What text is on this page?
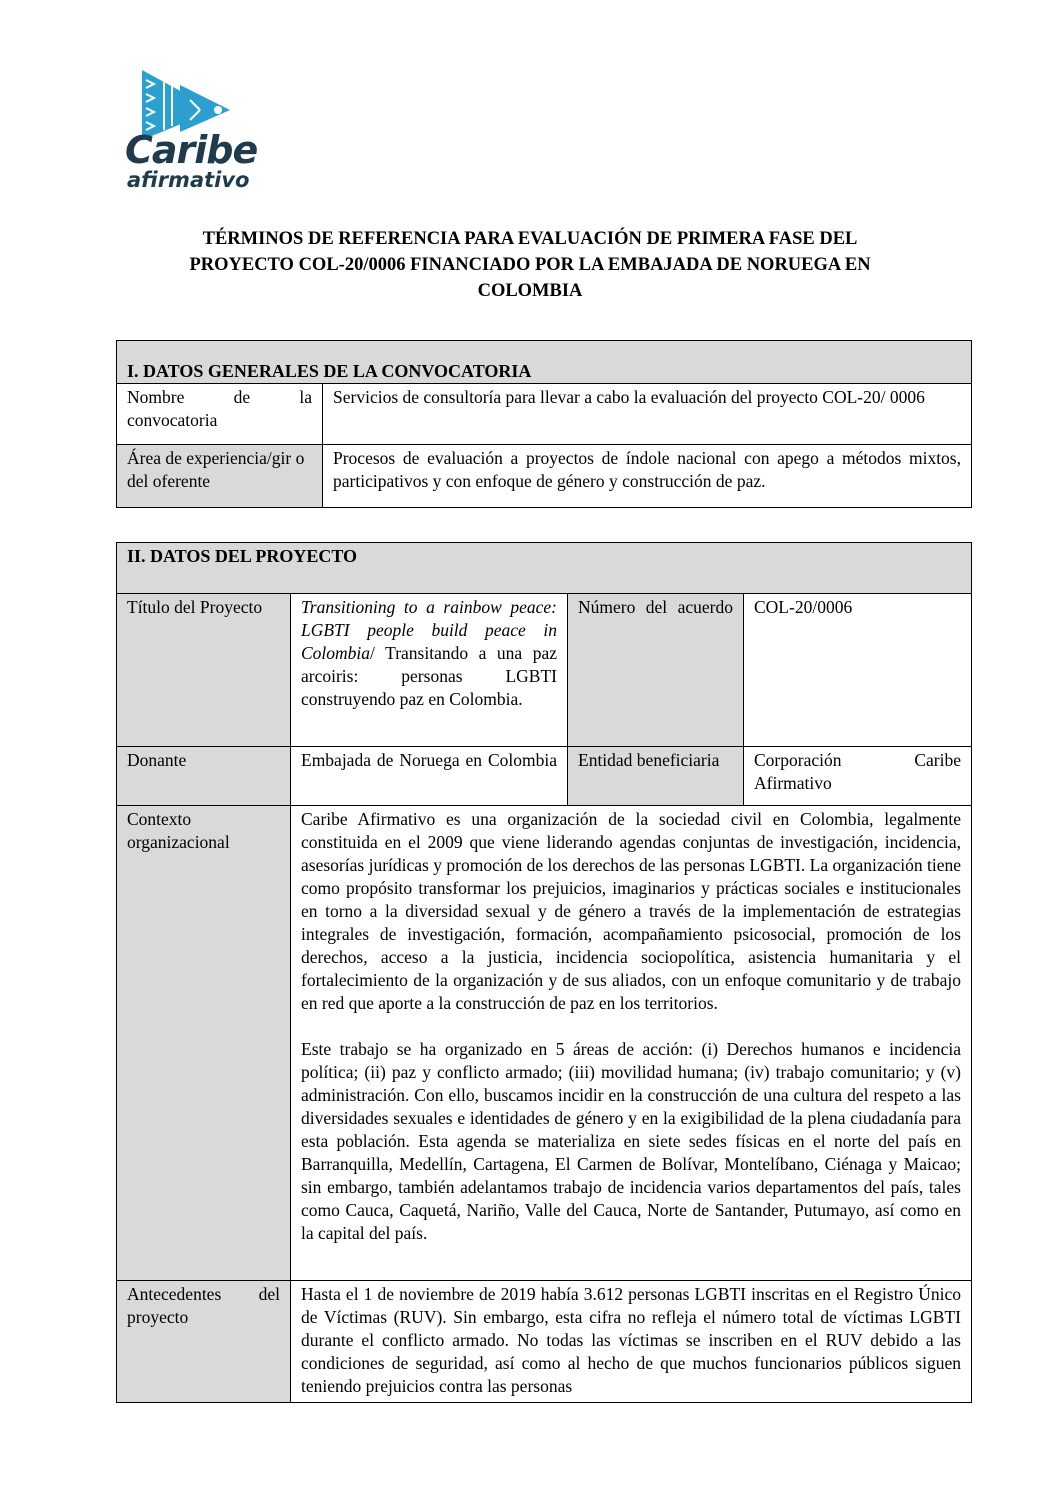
Caribe
afirmativo
TÉRMINOS DE REFERENCIA PARA EVALUACIÓN DE PRIMERA FASE DEL
PROYECTO COL-20/0006 FINANCIADO POR LA EMBAJADA DE NORUEGA EN
COLOMBIA
I. DATOS GENERALES DE LA CONVOCATORIA	
Nombre de la convocatoria	Servicios de consultoría para llevar a cabo la evaluación del proyecto COL-20/ 0006
Área de experiencia/gir o del oferente	Procesos de evaluación a proyectos de índole nacional con apego a métodos mixtos, participativos y con enfoque de género y construcción de paz.
II. DATOS DEL PROYECTO			
Título del Proyecto	Transitioning to a rainbow peace: LGBTI people build peace in Colombia/ Transitando a una paz arcoiris: personas LGBTI construyendo paz en Colombia.	Número del acuerdo	COL-20/0006
Donante	Embajada de Noruega en Colombia	Entidad beneficiaria	Corporación Caribe Afirmativo
Contexto organizacional	Caribe Afirmativo es una organización de la sociedad civil en Colombia, legalmente constituida en el 2009 que viene liderando agendas conjuntas de investigación, incidencia, asesorías jurídicas y promoción de los derechos de las personas LGBTI. La organización tiene como propósito transformar los prejuicios, imaginarios y prácticas sociales e institucionales en torno a la diversidad sexual y de género a través de la implementación de estrategias integrales de investigación, formación, acompañamiento psicosocial, promoción de los derechos, acceso a la justicia, incidencia sociopolítica, asistencia humanitaria y el fortalecimiento de la organización y de sus aliados, con un enfoque comunitario y de trabajo en red que aporte a la construcción de paz en los territorios.

Este trabajo se ha organizado en 5 áreas de acción: (i) Derechos humanos e incidencia política; (ii) paz y conflicto armado; (iii) movilidad humana; (iv) trabajo comunitario; y (v) administración. Con ello, buscamos incidir en la construcción de una cultura del respeto a las diversidades sexuales e identidades de género y en la exigibilidad de la plena ciudadanía para esta población. Esta agenda se materializa en siete sedes físicas en el norte del país en Barranquilla, Medellín, Cartagena, El Carmen de Bolívar, Montelíbano, Ciénaga y Maicao; sin embargo, también adelantamos trabajo de incidencia varios departamentos del país, tales como Cauca, Caquetá, Nariño, Valle del Cauca, Norte de Santander, Putumayo, así como en la capital del país.		

Antecedentes del proyecto	Hasta el 1 de noviembre de 2019 había 3.612 personas LGBTI inscritas en el Registro Único de Víctimas (RUV). Sin embargo, esta cifra no refleja el número total de víctimas LGBTI durante el conflicto armado. No todas las víctimas se inscriben en el RUV debido a las condiciones de seguridad, así como al hecho de que muchos funcionarios públicos siguen teniendo prejuicios contra las personas		
